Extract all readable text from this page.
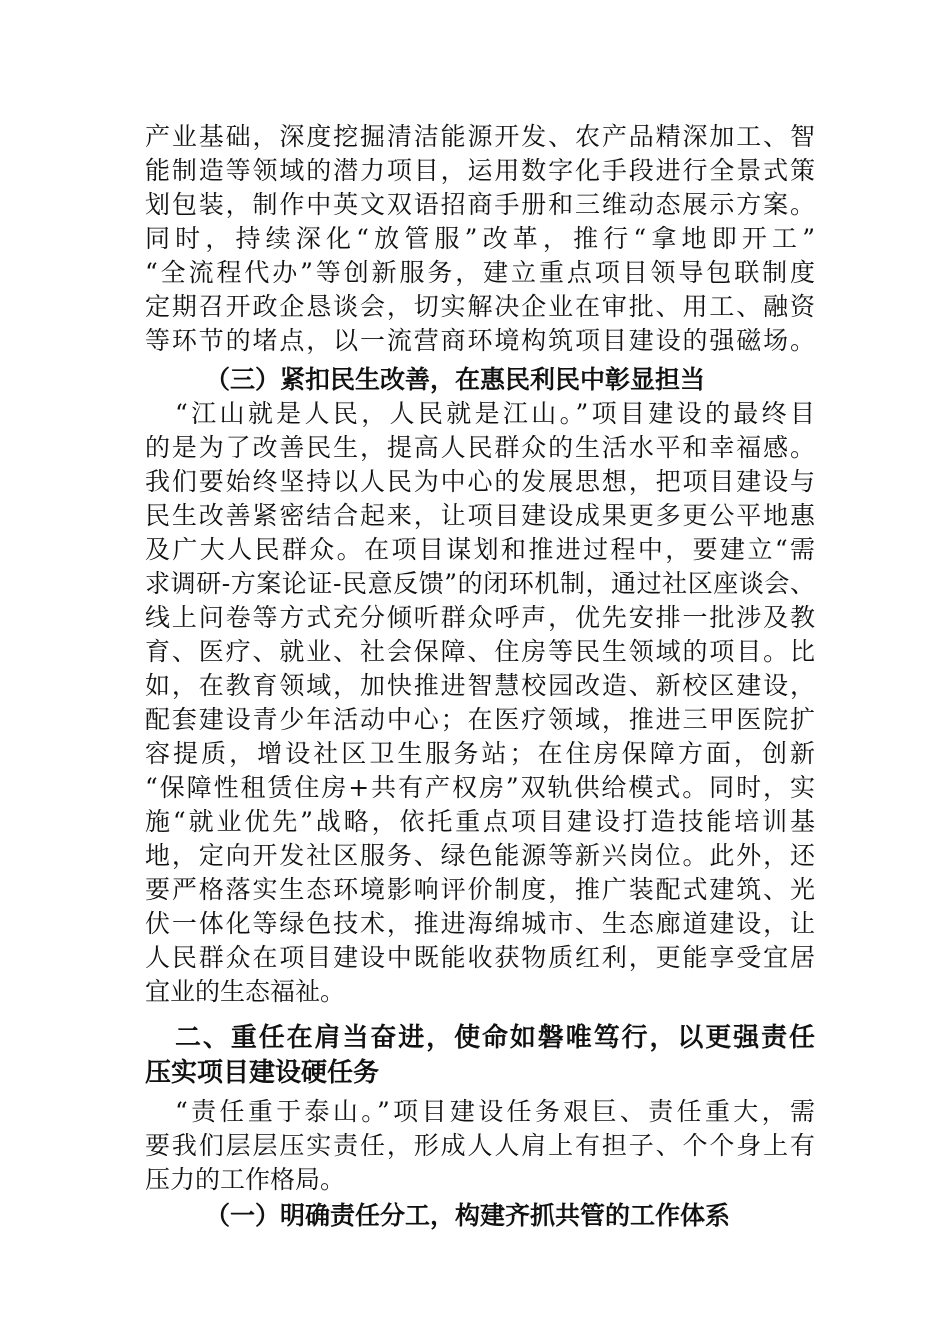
产业基础，深度挖掘清洁能源开发、农产品精深加工、智
能制造等领域的潜力项目，运用数字化手段进行全景式策
划包装，制作中英文双语招商手册和三维动态展示方案。
同时，持续深化“放管服”改革，推行“拿地即开工”
“全流程代办”等创新服务，建立重点项目领导包联制度
定期召开政企恳谈会，切实解决企业在审批、用工、融资
等环节的堵点，以一流营商环境构筑项目建设的强磁场。
（三）紧扣民生改善，在惠民利民中彰显担当
“江山就是人民，人民就是江山。”项目建设的最终目
的是为了改善民生，提高人民群众的生活水平和幸福感。
我们要始终坚持以人民为中心的发展思想，把项目建设与
民生改善紧密结合起来，让项目建设成果更多更公平地惠
及广大人民群众。在项目谋划和推进过程中，要建立“需
求调研-方案论证-民意反馈”的闭环机制，通过社区座谈会、
线上问卷等方式充分倾听群众呼声，优先安排一批涉及教
育、医疗、就业、社会保障、住房等民生领域的项目。比
如，在教育领域，加快推进智慧校园改造、新校区建设，
配套建设青少年活动中心；在医疗领域，推进三甲医院扩
容提质，增设社区卫生服务站；在住房保障方面，创新
“保障性租赁住房+共有产权房”双轨供给模式。同时，实
施“就业优先”战略，依托重点项目建设打造技能培训基
地，定向开发社区服务、绿色能源等新兴岗位。此外，还
要严格落实生态环境影响评价制度，推广装配式建筑、光
伏一体化等绿色技术，推进海绵城市、生态廊道建设，让
人民群众在项目建设中既能收获物质红利，更能享受宜居
宜业的生态福祉。
二、重任在肩当奋进，使命如磐唯笃行，以更强责任
压实项目建设硬任务
“责任重于泰山。”项目建设任务艰巨、责任重大，需
要我们层层压实责任，形成人人肩上有担子、个个身上有
压力的工作格局。
（一）明确责任分工，构建齐抓共管的工作体系
